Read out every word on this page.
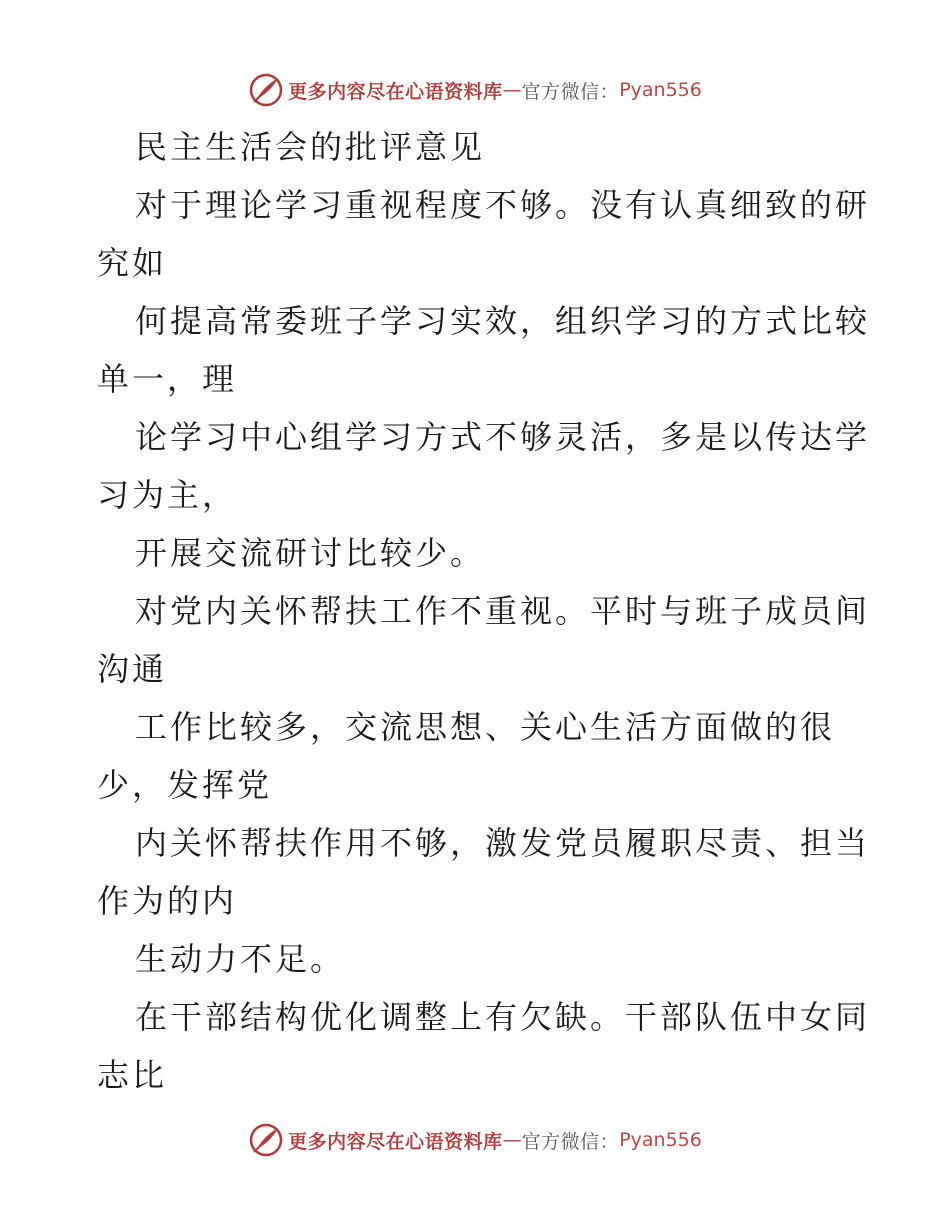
更多内容尽在心语资料库 — 官方微信： Pyan556
民主生活会的批评意见
对于理论学习重视程度不够。没有认真细致的研
究如
何提高常委班子学习实效，组织学习的方式比较
单一，理
论学习中心组学习方式不够灵活，多是以传达学
习为主，
开展交流研讨比较少。
对党内关怀帮扶工作不重视。平时与班子成员间
沟通
工作比较多，交流思想、关心生活方面做的很
少，发挥党
内关怀帮扶作用不够，激发党员履职尽责、担当
作为的内
生动力不足。
在干部结构优化调整上有欠缺。干部队伍中女同
志比
更多内容尽在心语资料库 — 官方微信： Pyan556
